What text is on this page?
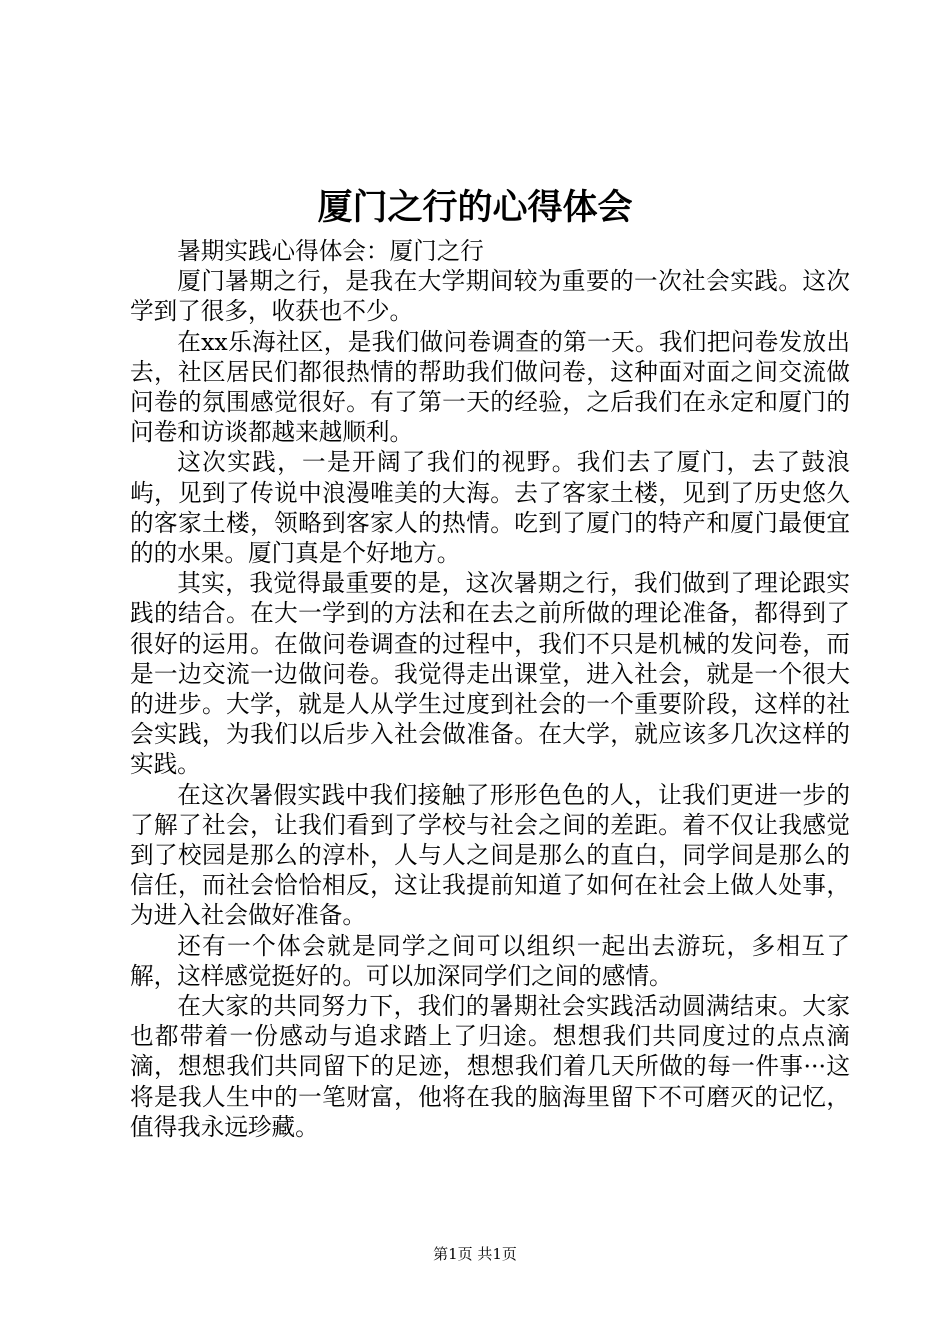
厦门之行的心得体会

暑期实践心得体会：厦门之行

厦门暑期之行，是我在大学期间较为重要的一次社会实践。这次学到了很多，收获也不少。

在xx乐海社区，是我们做问卷调查的第一天。我们把问卷发放出去，社区居民们都很热情的帮助我们做问卷，这种面对面之间交流做问卷的氛围感觉很好。有了第一天的经验，之后我们在永定和厦门的问卷和访谈都越来越顺利。

这次实践，一是开阔了我们的视野。我们去了厦门，去了鼓浪屿，见到了传说中浪漫唯美的大海。去了客家土楼，见到了历史悠久的客家土楼，领略到客家人的热情。吃到了厦门的特产和厦门最便宜的的水果。厦门真是个好地方。

其实，我觉得最重要的是，这次暑期之行，我们做到了理论跟实践的结合。在大一学到的方法和在去之前所做的理论准备，都得到了很好的运用。在做问卷调查的过程中，我们不只是机械的发问卷，而是一边交流一边做问卷。我觉得走出课堂，进入社会，就是一个很大的进步。大学，就是人从学生过度到社会的一个重要阶段，这样的社会实践，为我们以后步入社会做准备。在大学，就应该多几次这样的实践。

在这次暑假实践中我们接触了形形色色的人，让我们更进一步的了解了社会，让我们看到了学校与社会之间的差距。着不仅让我感觉到了校园是那么的淳朴，人与人之间是那么的直白，同学间是那么的信任，而社会恰恰相反，这让我提前知道了如何在社会上做人处事，为进入社会做好准备。

还有一个体会就是同学之间可以组织一起出去游玩，多相互了解，这样感觉挺好的。可以加深同学们之间的感情。

在大家的共同努力下，我们的暑期社会实践活动圆满结束。大家也都带着一份感动与追求踏上了归途。想想我们共同度过的点点滴滴，想想我们共同留下的足迹，想想我们着几天所做的每一件事···这将是我人生中的一笔财富，他将在我的脑海里留下不可磨灭的记忆，值得我永远珍藏。

第1页 共1页
